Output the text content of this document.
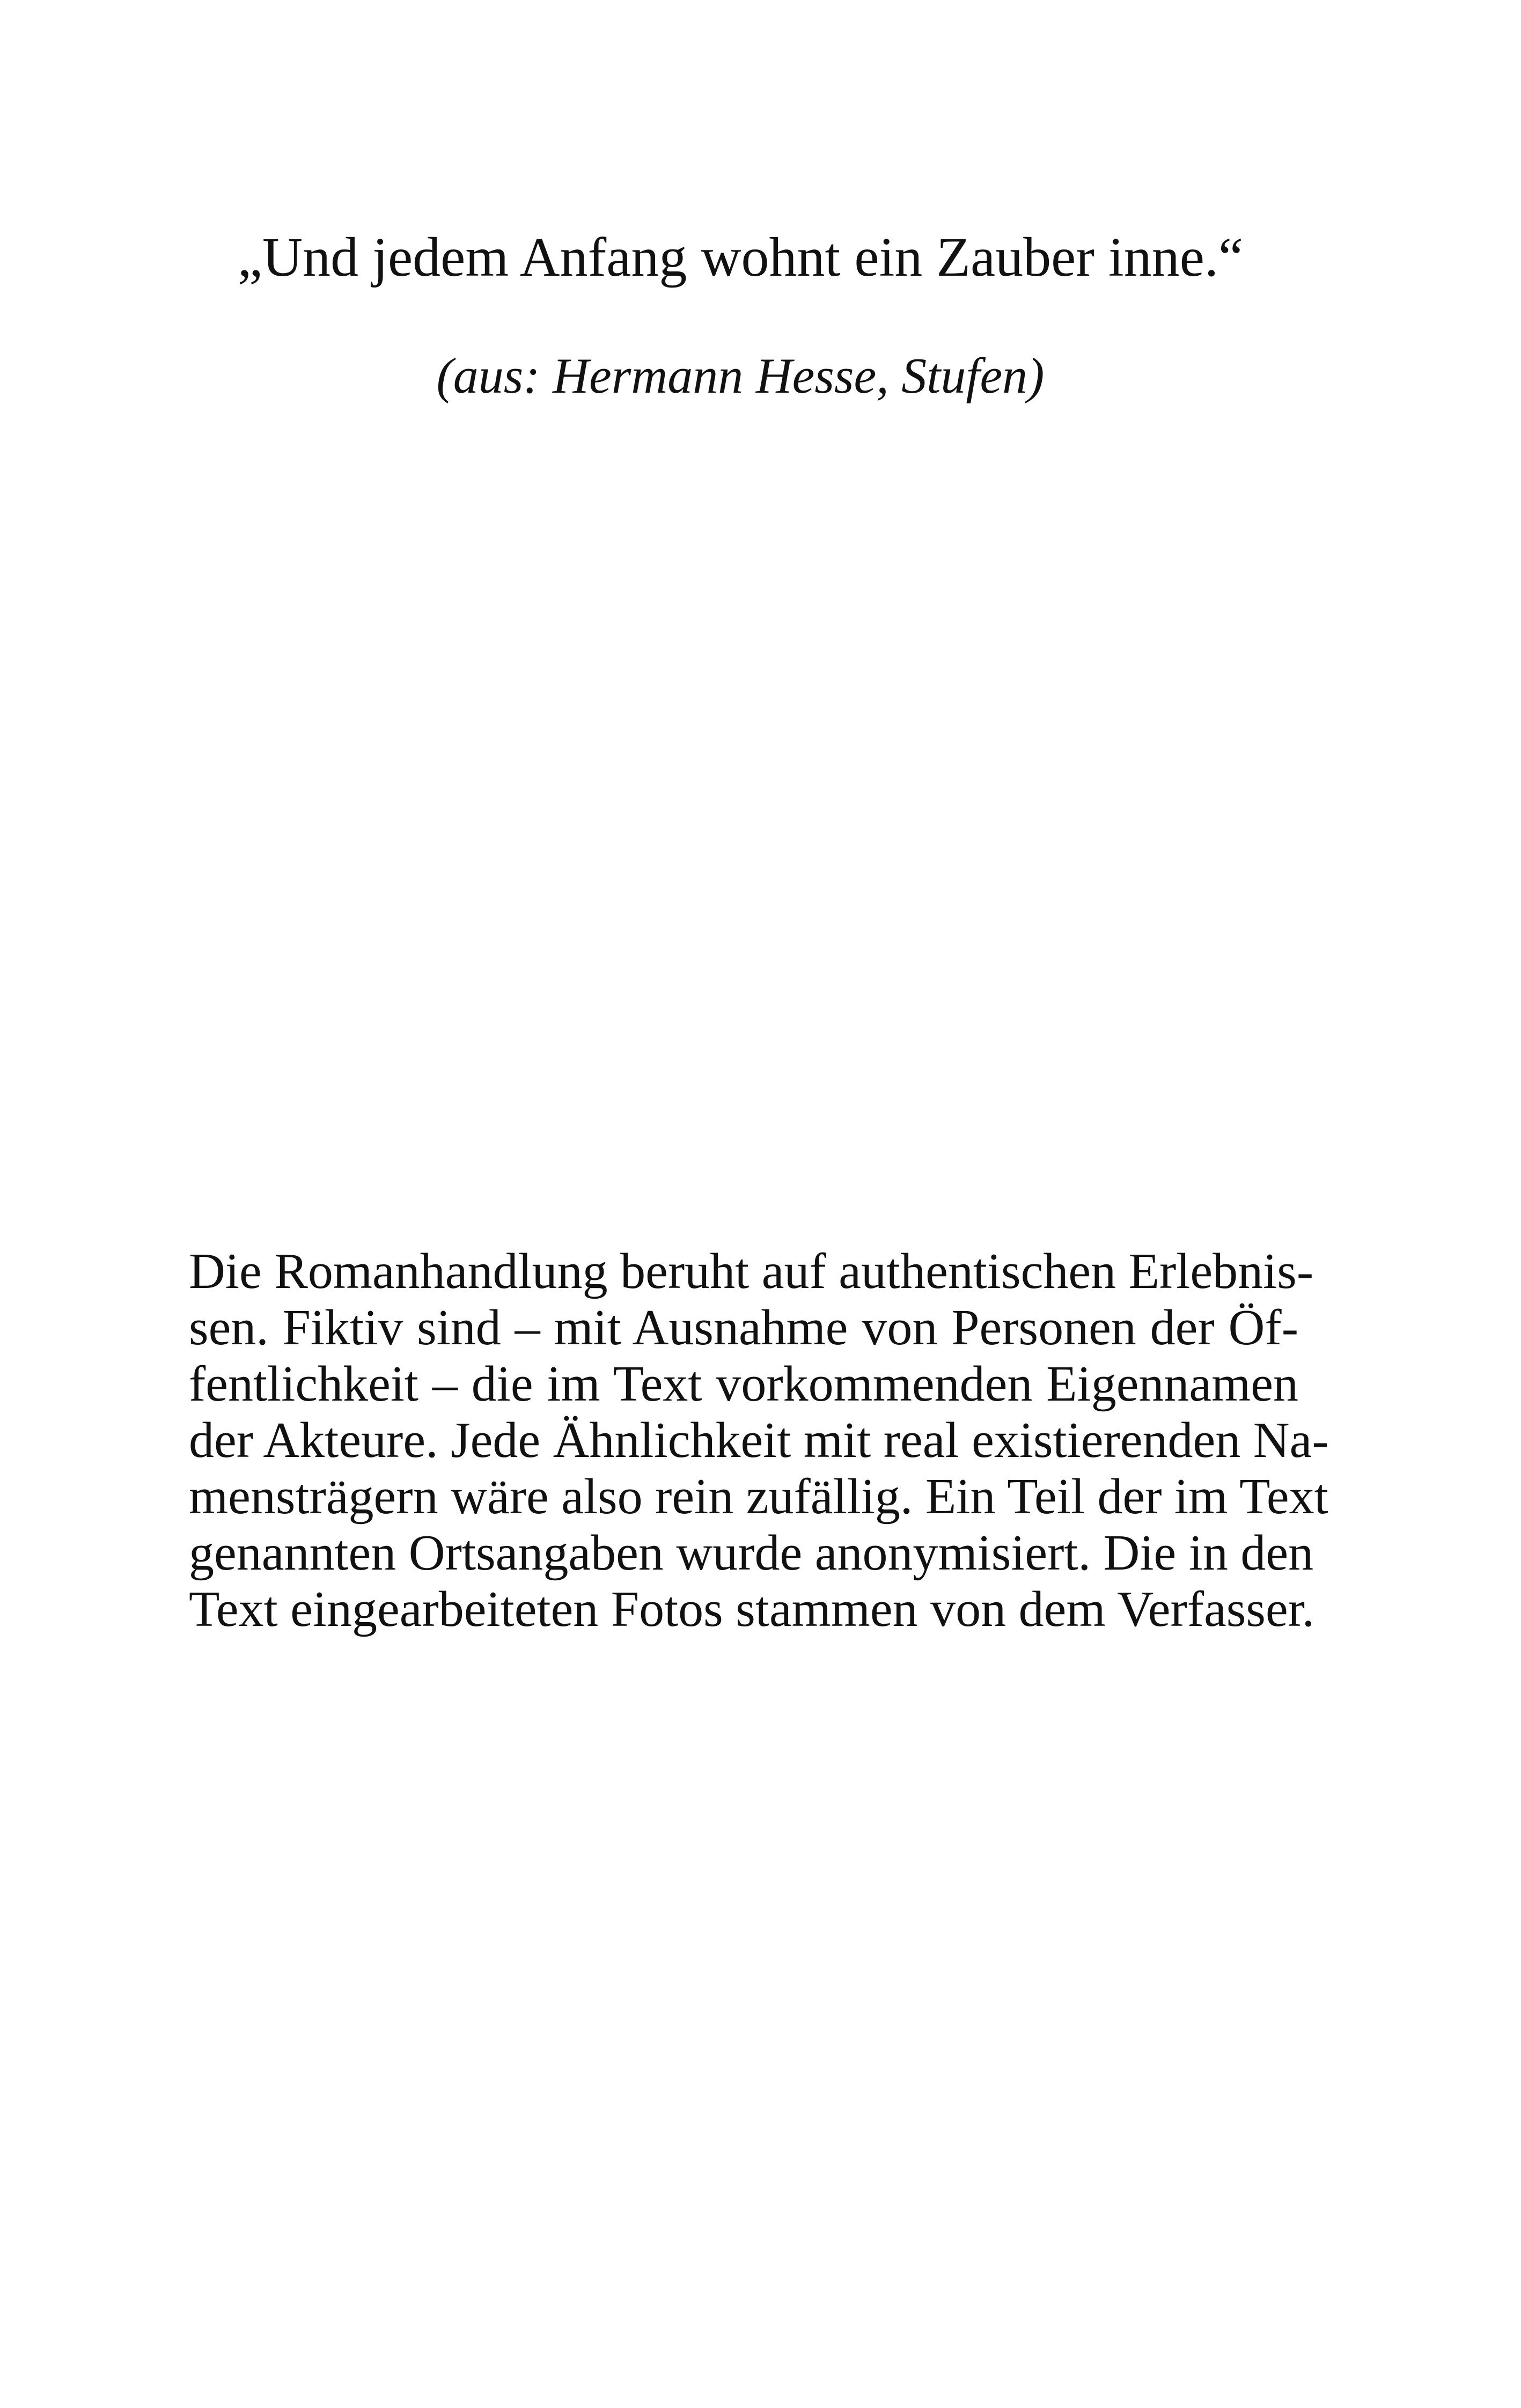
„Und jedem Anfang wohnt ein Zauber inne.“

(aus: Hermann Hesse, Stufen)

Die Romanhandlung beruht auf authentischen Erlebnis-
sen. Fiktiv sind – mit Ausnahme von Personen der Öf-
fentlichkeit – die im Text vorkommenden Eigennamen
der Akteure. Jede Ähnlichkeit mit real existierenden Na-
mensträgern wäre also rein zufällig. Ein Teil der im Text
genannten Ortsangaben wurde anonymisiert. Die in den
Text eingearbeiteten Fotos stammen von dem Verfasser.
